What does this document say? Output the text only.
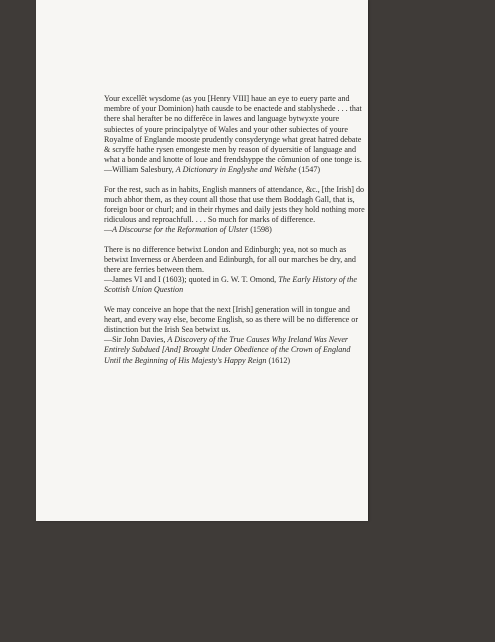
Your excellēt wysdome (as you [Henry VIII] haue an eye to euery parte and membre of your Dominion) hath causde to be enactede and stablyshede . . . that there shal herafter be no differēce in lawes and language bytwyxte youre subiectes of youre principalytye of Wales and your other subiectes of youre Royalme of Englande mooste prudently consyderynge what great hatred debate & scryffe hathe rysen emongeste men by reason of dyuersitie of language and what a bonde and knotte of loue and frendshyppe the cōmunion of one tonge is.

—William Salesbury, A Dictionary in Englyshe and Welshe (1547)

For the rest, such as in habits, English manners of attendance, &c., [the Irish] do much abhor them, as they count all those that use them Boddagh Gall, that is, foreign boor or churl; and in their rhymes and daily jests they hold nothing more ridiculous and reproachfull. . . . So much for marks of difference.

—A Discourse for the Reformation of Ulster (1598)

There is no difference betwixt London and Edinburgh; yea, not so much as betwixt Inverness or Aberdeen and Edinburgh, for all our marches be dry, and there are ferries between them.

—James VI and I (1603); quoted in G. W. T. Omond, The Early History of the Scottish Union Question

We may conceive an hope that the next [Irish] generation will in tongue and heart, and every way else, become English, so as there will be no difference or distinction but the Irish Sea betwixt us.

—Sir John Davies, A Discovery of the True Causes Why Ireland Was Never Entirely Subdued [And] Brought Under Obedience of the Crown of England Until the Beginning of His Majesty's Happy Reign (1612)
